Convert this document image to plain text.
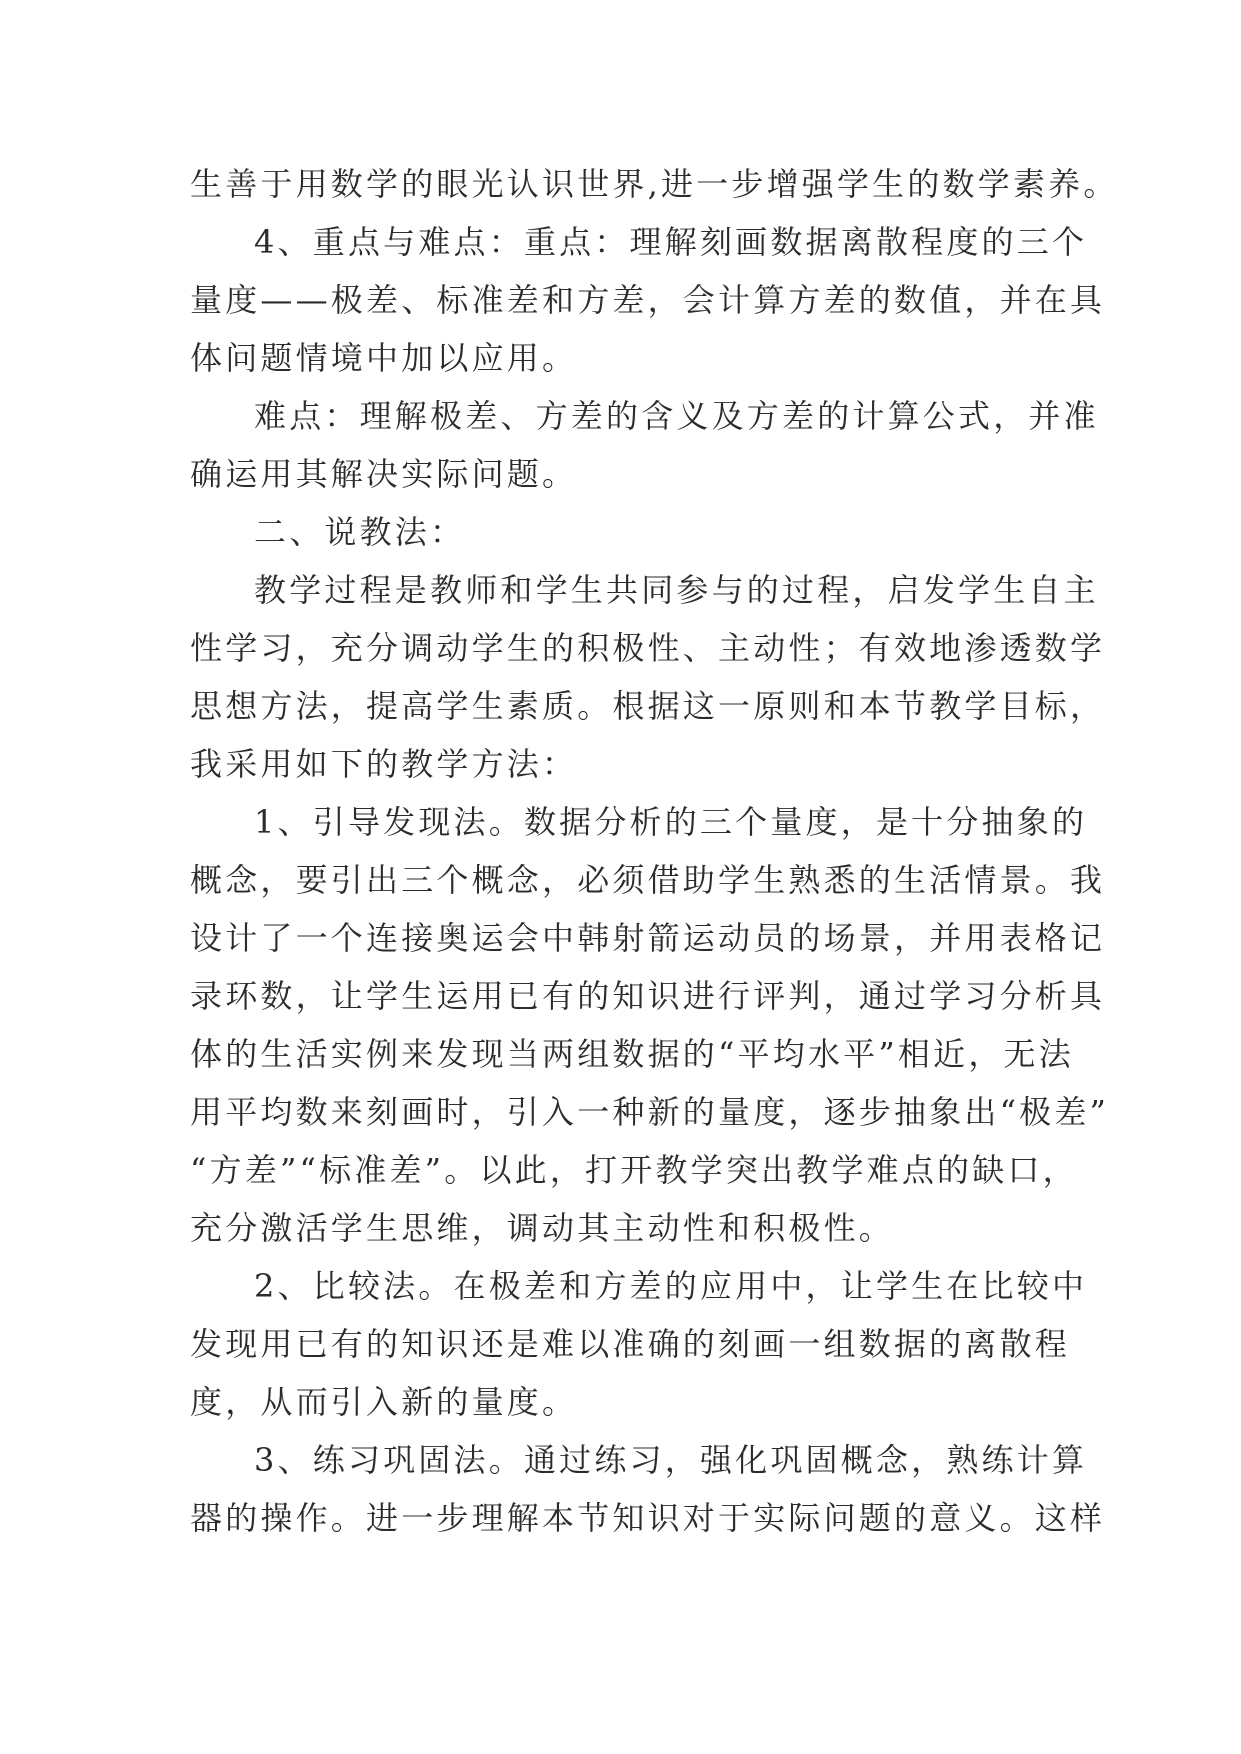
生善于用数学的眼光认识世界,进一步增强学生的数学素养。
4、重点与难点：重点：理解刻画数据离散程度的三个
量度——极差、标准差和方差，会计算方差的数值，并在具
体问题情境中加以应用。
难点：理解极差、方差的含义及方差的计算公式，并准
确运用其解决实际问题。
二、说教法：
教学过程是教师和学生共同参与的过程，启发学生自主
性学习，充分调动学生的积极性、主动性；有效地渗透数学
思想方法，提高学生素质。根据这一原则和本节教学目标，
我采用如下的教学方法：
1、引导发现法。数据分析的三个量度，是十分抽象的
概念，要引出三个概念，必须借助学生熟悉的生活情景。我
设计了一个连接奥运会中韩射箭运动员的场景，并用表格记
录环数，让学生运用已有的知识进行评判，通过学习分析具
体的生活实例来发现当两组数据的“平均水平”相近，无法
用平均数来刻画时，引入一种新的量度，逐步抽象出“极差”
“方差”“标准差”。以此，打开教学突出教学难点的缺口，
充分激活学生思维，调动其主动性和积极性。
2、比较法。在极差和方差的应用中，让学生在比较中
发现用已有的知识还是难以准确的刻画一组数据的离散程
度，从而引入新的量度。
3、练习巩固法。通过练习，强化巩固概念，熟练计算
器的操作。进一步理解本节知识对于实际问题的意义。这样
